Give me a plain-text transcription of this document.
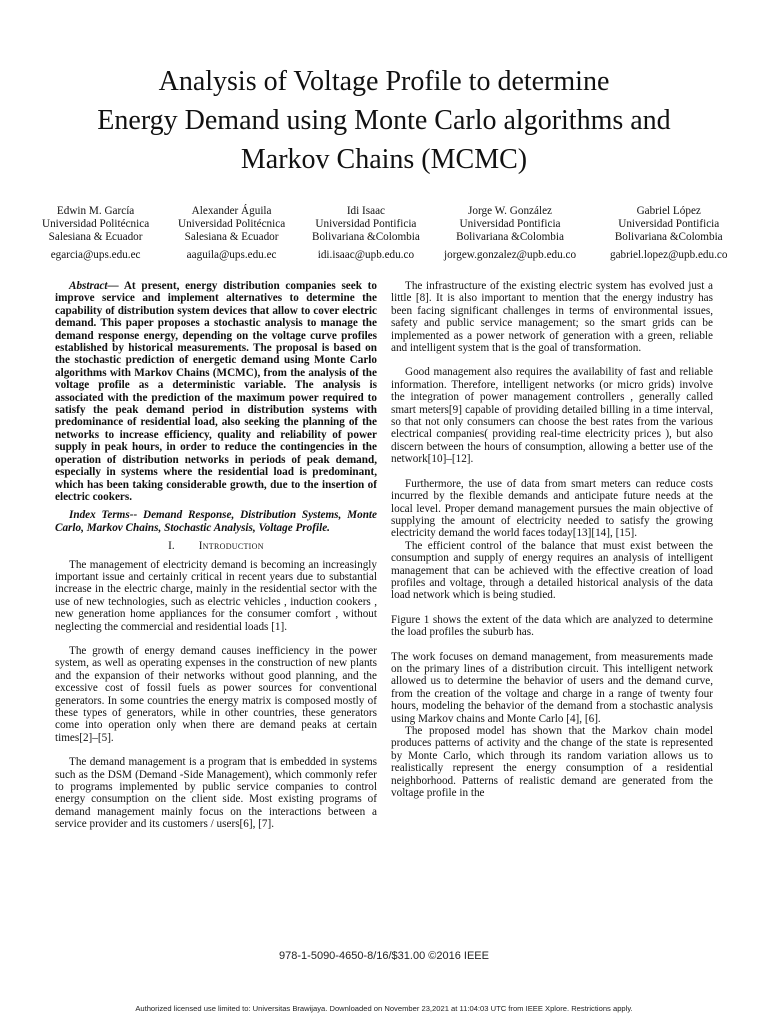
Analysis of Voltage Profile to determine
Energy Demand using Monte Carlo algorithms and
Markov Chains (MCMC)
Edwin M. García
Universidad Politécnica
Salesiana & Ecuador
egarcia@ups.edu.ec
Alexander Águila
Universidad Politécnica
Salesiana & Ecuador
aaguila@ups.edu.ec
Idi Isaac
Universidad Pontificia
Bolivariana &Colombia
idi.isaac@upb.edu.co
Jorge W. González
Universidad Pontificia
Bolivariana &Colombia
jorgew.gonzalez@upb.edu.co
Gabriel López
Universidad Pontificia
Bolivariana &Colombia
gabriel.lopez@upb.edu.co

Abstract— At present, energy distribution companies seek to improve service and implement alternatives to determine the capability of distribution system devices that allow to cover electric demand. This paper proposes a stochastic analysis to manage the demand response energy, depending on the voltage curve profiles established by historical measurements. The proposal is based on the stochastic prediction of energetic demand using Monte Carlo algorithms with Markov Chains (MCMC), from the analysis of the voltage profile as a deterministic variable. The analysis is associated with the prediction of the maximum power required to satisfy the peak demand period in distribution systems with predominance of residential load, also seeking the planning of the networks to increase efficiency, quality and reliability of power supply in peak hours, in order to reduce the contingencies in the operation of distribution networks in periods of peak demand, especially in systems where the residential load is predominant, which has been taking considerable growth, due to the insertion of electric cookers.

Index Terms-- Demand Response, Distribution Systems, Monte Carlo, Markov Chains, Stochastic Analysis, Voltage Profile.

I. Introduction

The management of electricity demand is becoming an increasingly important issue and certainly critical in recent years due to substantial increase in the electric charge, mainly in the residential sector with the use of new technologies, such as electric vehicles , induction cookers , new generation home appliances for the consumer comfort , without neglecting the commercial and residential loads [1].

The growth of energy demand causes inefficiency in the power system, as well as operating expenses in the construction of new plants and the expansion of their networks without good planning, and the excessive cost of fossil fuels as power sources for conventional generators. In some countries the energy matrix is composed mostly of these types of generators, while in other countries, these generators come into operation only when there are demand peaks at certain times[2]–[5].

The demand management is a program that is embedded in systems such as the DSM (Demand -Side Management), which commonly refer to programs implemented by public service companies to control energy consumption on the client side. Most existing programs of demand management mainly focus on the interactions between a service provider and its customers / users[6], [7].

The infrastructure of the existing electric system has evolved just a little [8]. It is also important to mention that the energy industry has been facing significant challenges in terms of environmental issues, safety and public service management; so the smart grids can be implemented as a power network of generation with a green, reliable and intelligent system that is the goal of transformation.

Good management also requires the availability of fast and reliable information. Therefore, intelligent networks (or micro grids) involve the integration of power management controllers , generally called smart meters[9] capable of providing detailed billing in a time interval, so that not only consumers can choose the best rates from the various electrical companies( providing real-time electricity prices ), but also discern between the hours of consumption, allowing a better use of the network[10]–[12].

Furthermore, the use of data from smart meters can reduce costs incurred by the flexible demands and anticipate future needs at the local level. Proper demand management pursues the main objective of supplying the amount of electricity needed to satisfy the growing electricity demand the world faces today[13][14], [15].

The efficient control of the balance that must exist between the consumption and supply of energy requires an analysis of intelligent management that can be achieved with the effective creation of load profiles and voltage, through a detailed historical analysis of the data load network which is being studied.

Figure 1 shows the extent of the data which are analyzed to determine the load profiles the suburb has.

The work focuses on demand management, from measurements made on the primary lines of a distribution circuit. This intelligent network allowed us to determine the behavior of users and the demand curve, from the creation of the voltage and charge in a range of twenty four hours, modeling the behavior of the demand from a stochastic analysis using Markov chains and Monte Carlo [4], [6].

The proposed model has shown that the Markov chain model produces patterns of activity and the change of the state is represented by Monte Carlo, which through its random variation allows us to realistically represent the energy consumption of a residential neighborhood. Patterns of realistic demand are generated from the voltage profile in the

978-1-5090-4650-8/16/$31.00 ©2016 IEEE
Authorized licensed use limited to: Universitas Brawijaya. Downloaded on November 23,2021 at 11:04:03 UTC from IEEE Xplore. Restrictions apply.
